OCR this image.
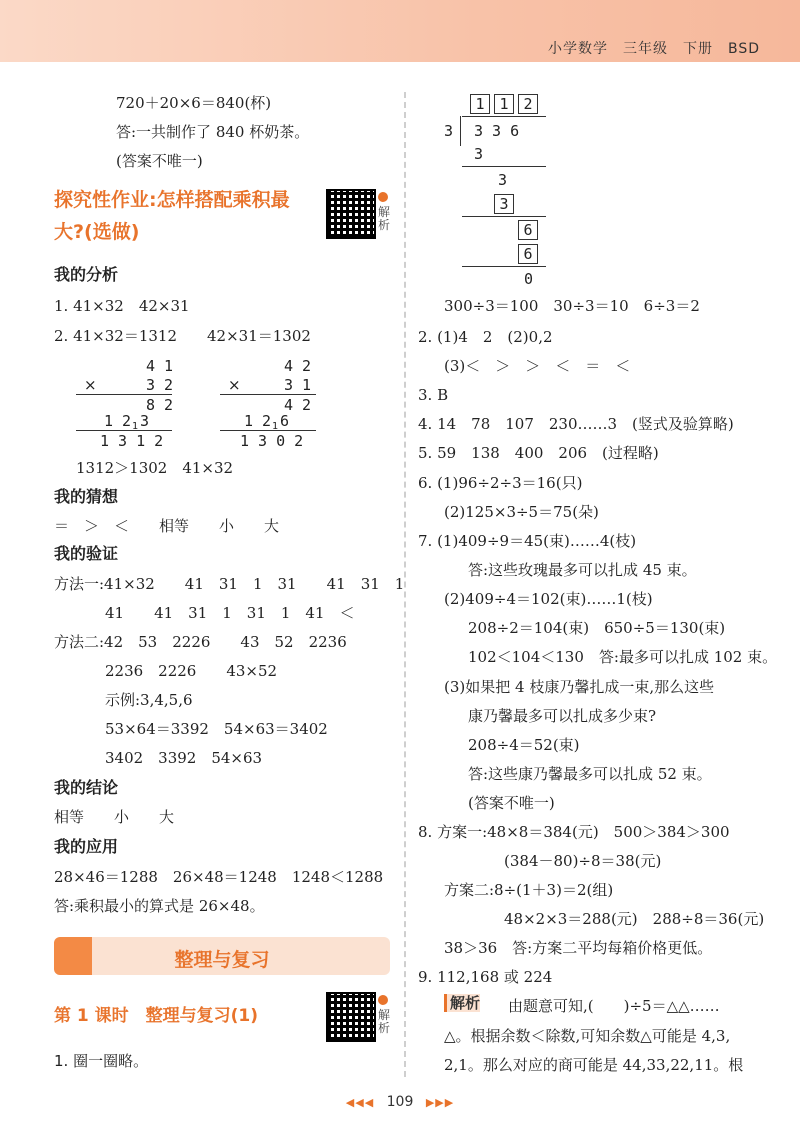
小学数学　三年级　下册　BSD
720＋20×6＝840(杯)
答:一共制作了 840 杯奶茶。
(答案不唯一)
探究性作业:怎样搭配乘积最
大?(选做)
解析
我的分析
1. 41×32　42×31
2. 41×32＝1312　　42×31＝1302
4 1
×	3 2
8 2
1 2 1 3
1 3 1 2
4 2
×	3 1
4 2
1 2 1 6
1 3 0 2
1312＞1302　41×32
我的猜想
＝　＞　＜　　相等　　小　　大
我的验证
方法一:41×32　　41　31　1　31　　41　31　1
　41　　41　31　1　31　1　41　＜
方法二:42　53　2226　　43　52　2236
　　　2236　2226　　43×52
　　　示例:3,4,5,6
　　　53×64＝3392　54×63＝3402
　　　3402　3392　54×63
我的结论
相等　　小　　大
我的应用
28×46＝1288　26×48＝1248　1248＜1288
答:乘积最小的算式是 26×48。
整理与复习
第 1 课时　整理与复习(1)	解析
1. 圈一圈略。
1 1 2
3 3 3 6
3
3
3
6
6
0
300÷3＝100　30÷3＝10　6÷3＝2
2. (1)4　2　(2)0,2
(3)＜　＞　＞　＜　＝　＜
3. B
4. 14　78　107　230……3　(竖式及验算略)
5. 59　138　400　206　(过程略)
6. (1)96÷2÷3＝16(只)
(2)125×3÷5＝75(朵)
7. (1)409÷9＝45(束)……4(枝)
答:这些玫瑰最多可以扎成 45 束。
(2)409÷4＝102(束)……1(枝)
208÷2＝104(束)　650÷5＝130(束)
102＜104＜130　答:最多可以扎成 102 束。
(3)如果把 4 枝康乃馨扎成一束,那么这些
康乃馨最多可以扎成多少束?
208÷4＝52(束)
答:这些康乃馨最多可以扎成 52 束。
(答案不唯一)
8. 方案一:48×8＝384(元)　500＞384＞300
(384－80)÷8＝38(元)
方案二:8÷(1＋3)＝2(组)
48×2×3＝288(元)　288÷8＝36(元)
38＞36　答:方案二平均每箱价格更低。
9. 112,168 或 224
解析 由题意可知,(　　)÷5＝△△……
△。根据余数＜除数,可知余数△可能是 4,3,
2,1。那么对应的商可能是 44,33,22,11。根
◀◀◀ 109 ▶▶▶
